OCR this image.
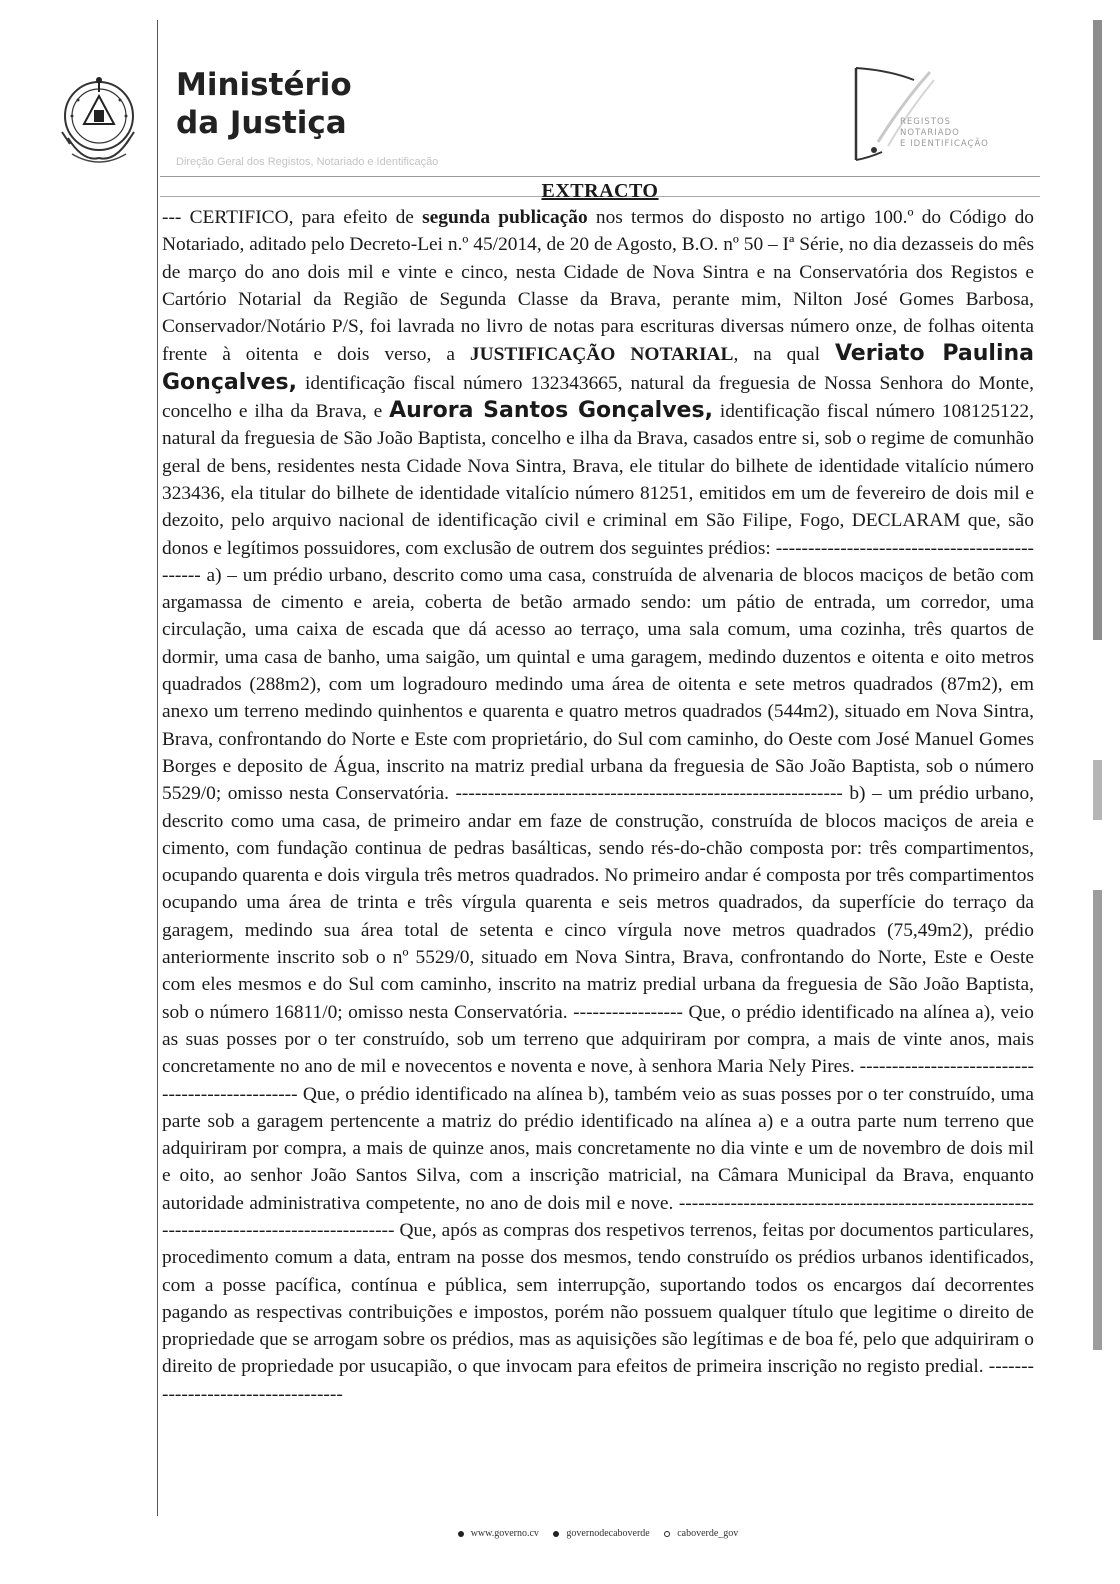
Ministério
da Justiça
Direção Geral dos Registos, Notariado e Identificação
REGISTOS
NOTARIADO
E IDENTIFICAÇÃO
EXTRACTO

--- CERTIFICO, para efeito de segunda publicação nos termos do disposto no artigo 100.º do Código do Notariado, aditado pelo Decreto-Lei n.º 45/2014, de 20 de Agosto, B.O. nº 50 – Iª Série, no dia dezasseis do mês de março do ano dois mil e vinte e cinco, nesta Cidade de Nova Sintra e na Conservatória dos Registos e Cartório Notarial da Região de Segunda Classe da Brava, perante mim, Nilton José Gomes Barbosa, Conservador/Notário P/S, foi lavrada no livro de notas para escrituras diversas número onze, de folhas oitenta frente à oitenta e dois verso, a JUSTIFICAÇÃO NOTARIAL, na qual Veriato Paulina Gonçalves, identificação fiscal número 132343665, natural da freguesia de Nossa Senhora do Monte, concelho e ilha da Brava, e Aurora Santos Gonçalves, identificação fiscal número 108125122, natural da freguesia de São João Baptista, concelho e ilha da Brava, casados entre si, sob o regime de comunhão geral de bens, residentes nesta Cidade Nova Sintra, Brava, ele titular do bilhete de identidade vitalício número 323436, ela titular do bilhete de identidade vitalício número 81251, emitidos em um de fevereiro de dois mil e dezoito, pelo arquivo nacional de identificação civil e criminal em São Filipe, Fogo, DECLARAM que, são donos e legítimos possuidores, com exclusão de outrem dos seguintes prédios: ---------------------------------------------- a) – um prédio urbano, descrito como uma casa, construída de alvenaria de blocos maciços de betão com argamassa de cimento e areia, coberta de betão armado sendo: um pátio de entrada, um corredor, uma circulação, uma caixa de escada que dá acesso ao terraço, uma sala comum, uma cozinha, três quartos de dormir, uma casa de banho, uma saigão, um quintal e uma garagem, medindo duzentos e oitenta e oito metros quadrados (288m2), com um logradouro medindo uma área de oitenta e sete metros quadrados (87m2), em anexo um terreno medindo quinhentos e quarenta e quatro metros quadrados (544m2), situado em Nova Sintra, Brava, confrontando do Norte e Este com proprietário, do Sul com caminho, do Oeste com José Manuel Gomes Borges e deposito de Água, inscrito na matriz predial urbana da freguesia de São João Baptista, sob o número 5529/0; omisso nesta Conservatória. ------------------------------------------------------------ b) – um prédio urbano, descrito como uma casa, de primeiro andar em faze de construção, construída de blocos maciços de areia e cimento, com fundação continua de pedras basálticas, sendo rés-do-chão composta por: três compartimentos, ocupando quarenta e dois virgula três metros quadrados. No primeiro andar é composta por três compartimentos ocupando uma área de trinta e três vírgula quarenta e seis metros quadrados, da superfície do terraço da garagem, medindo sua área total de setenta e cinco vírgula nove metros quadrados (75,49m2), prédio anteriormente inscrito sob o nº 5529/0, situado em Nova Sintra, Brava, confrontando do Norte, Este e Oeste com eles mesmos e do Sul com caminho, inscrito na matriz predial urbana da freguesia de São João Baptista, sob o número 16811/0; omisso nesta Conservatória. ----------------- Que, o prédio identificado na alínea a), veio as suas posses por o ter construído, sob um terreno que adquiriram por compra, a mais de vinte anos, mais concretamente no ano de mil e novecentos e noventa e nove, à senhora Maria Nely Pires. ------------------------------------------------ Que, o prédio identificado na alínea b), também veio as suas posses por o ter construído, uma parte sob a garagem pertencente a matriz do prédio identificado na alínea a) e a outra parte num terreno que adquiriram por compra, a mais de quinze anos, mais concretamente no dia vinte e um de novembro de dois mil e oito, ao senhor João Santos Silva, com a inscrição matricial, na Câmara Municipal da Brava, enquanto autoridade administrativa competente, no ano de dois mil e nove. ------------------------------------------------------------------------------------------- Que, após as compras dos respetivos terrenos, feitas por documentos particulares, procedimento comum a data, entram na posse dos mesmos, tendo construído os prédios urbanos identificados, com a posse pacífica, contínua e pública, sem interrupção, suportando todos os encargos daí decorrentes pagando as respectivas contribuições e impostos, porém não possuem qualquer título que legitime o direito de propriedade que se arrogam sobre os prédios, mas as aquisições são legítimas e de boa fé, pelo que adquiriram o direito de propriedade por usucapião, o que invocam para efeitos de primeira inscrição no registo predial. -----------------------------------

www.governo.cv	governodecaboverde	caboverde_gov
